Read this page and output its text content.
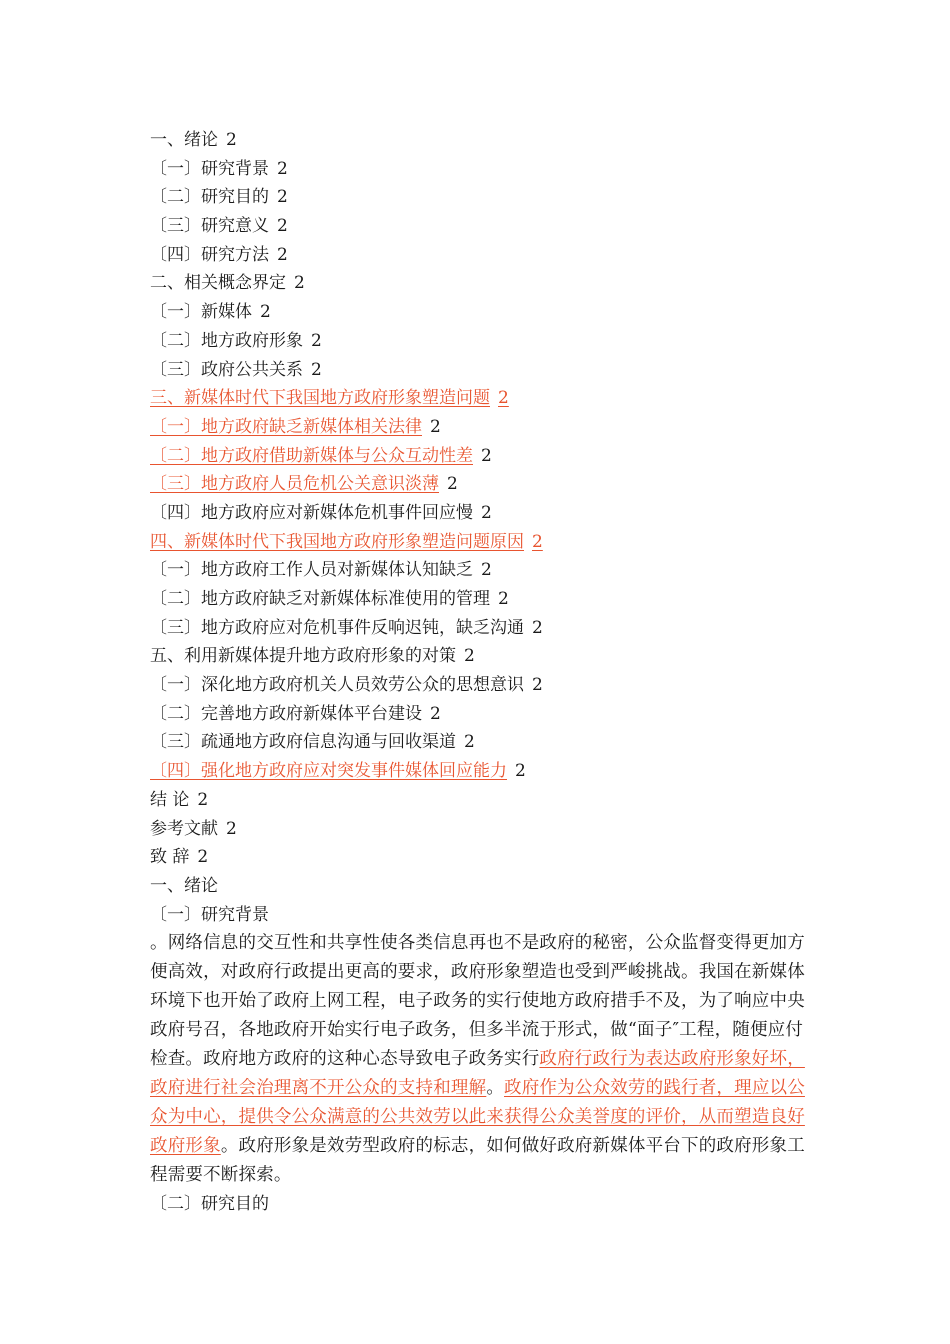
一、绪论 2
〔一〕研究背景 2
〔二〕研究目的 2
〔三〕研究意义 2
〔四〕研究方法 2
二、相关概念界定 2
〔一〕新媒体 2
〔二〕地方政府形象 2
〔三〕政府公共关系 2
三、新媒体时代下我国地方政府形象塑造问题 2
〔一〕地方政府缺乏新媒体相关法律 2
〔二〕地方政府借助新媒体与公众互动性差 2
〔三〕地方政府人员危机公关意识淡薄 2
〔四〕地方政府应对新媒体危机事件回应慢 2
四、新媒体时代下我国地方政府形象塑造问题原因 2
〔一〕地方政府工作人员对新媒体认知缺乏 2
〔二〕地方政府缺乏对新媒体标准使用的管理 2
〔三〕地方政府应对危机事件反响迟钝，缺乏沟通 2
五、利用新媒体提升地方政府形象的对策 2
〔一〕深化地方政府机关人员效劳公众的思想意识 2
〔二〕完善地方政府新媒体平台建设 2
〔三〕疏通地方政府信息沟通与回收渠道 2
〔四〕强化地方政府应对突发事件媒体回应能力 2
结 论 2
参考文献 2
致 辞 2
一、绪论
〔一〕研究背景
。网络信息的交互性和共享性使各类信息再也不是政府的秘密，公众监督变得更加方便高效，对政府行政提出更高的要求，政府形象塑造也受到严峻挑战。我国在新媒体环境下也开始了政府上网工程，电子政务的实行使地方政府措手不及，为了响应中央政府号召，各地政府开始实行电子政务，但多半流于形式，做“面子″工程，随便应付检查。政府地方政府的这种心态导致电子政务实行政府行政行为表达政府形象好坏，政府进行社会治理离不开公众的支持和理解。政府作为公众效劳的践行者，理应以公众为中心，提供令公众满意的公共效劳以此来获得公众美誉度的评价，从而塑造良好政府形象。政府形象是效劳型政府的标志，如何做好政府新媒体平台下的政府形象工程需要不断探索。
〔二〕研究目的
